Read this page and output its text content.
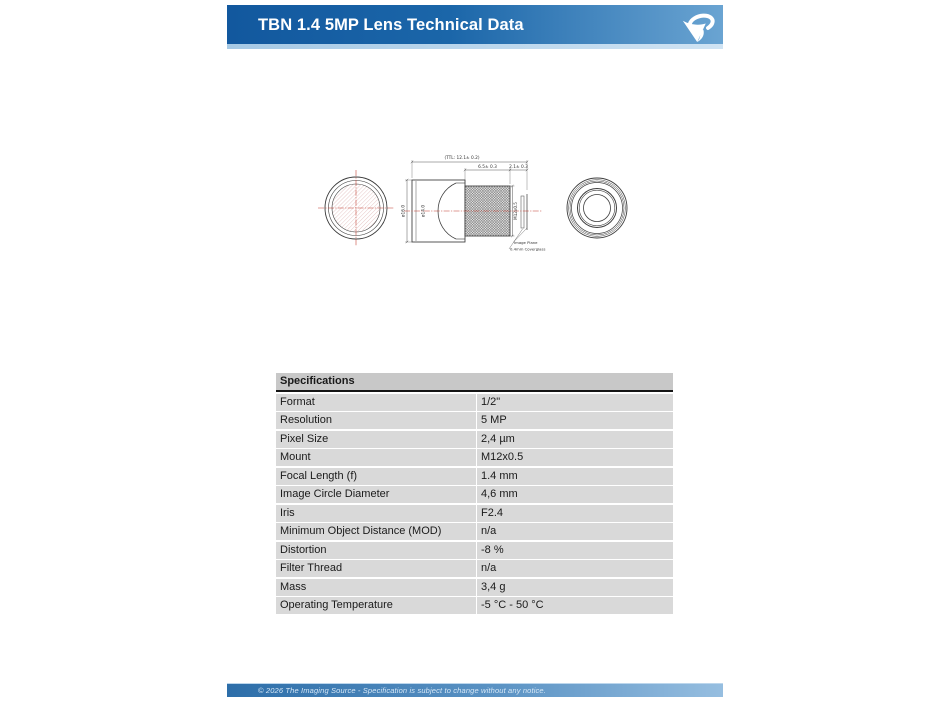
TBN 1.4 5MP Lens Technical Data
(TTL: 12.1± 0.2)
6.5± 0.3	2.1± 0.3
ø16.0	ø14.0	M12x0.5
Image Plane
0.4mm Coverglass
Specifications
Format	1/2"
Resolution	5 MP
Pixel Size	2,4 µm
Mount	M12x0.5
Focal Length (f)	1.4 mm
Image Circle Diameter	4,6 mm
Iris	F2.4
Minimum Object Distance (MOD)	n/a
Distortion	-8 %
Filter Thread	n/a
Mass	3,4 g
Operating Temperature	-5 °C - 50 °C
© 2026 The Imaging Source - Specification is subject to change without any notice.
